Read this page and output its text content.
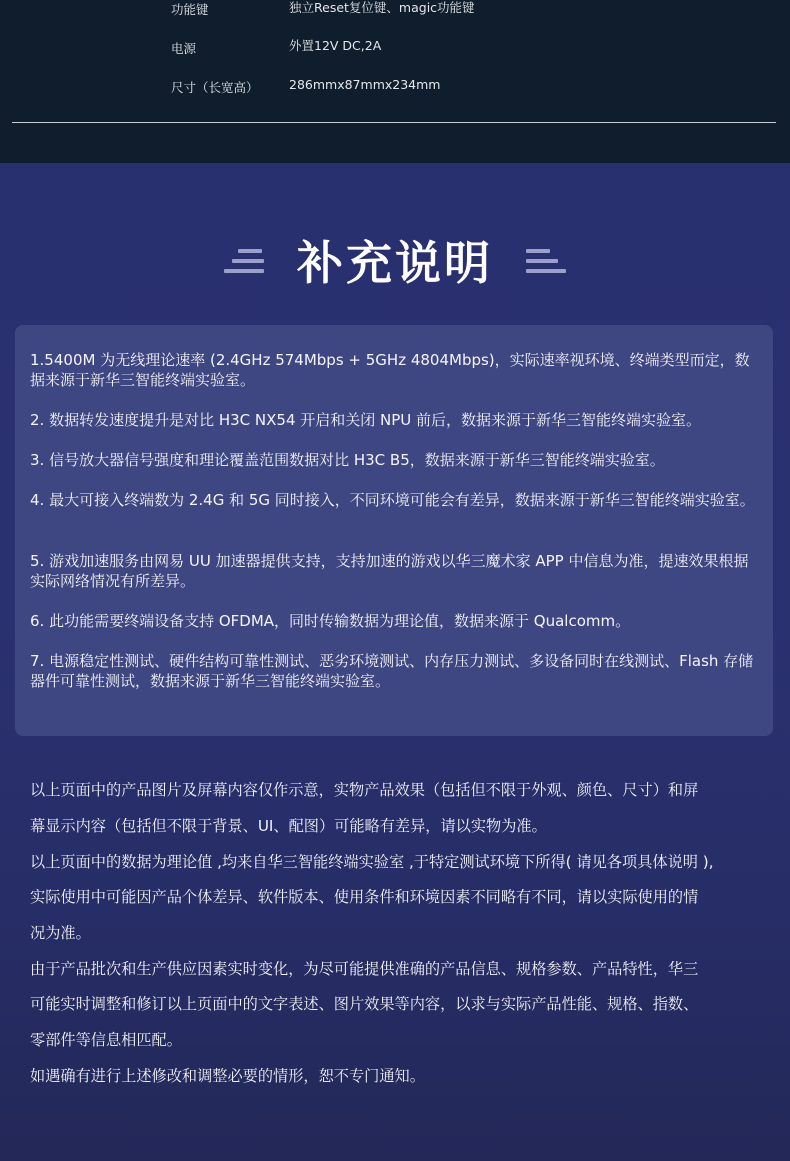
功能键	独立Reset复位键、magic功能键
电源	外置12V DC,2A
尺寸（长宽高） 286mmx87mmx234mm
补充说明
1.5400M 为无线理论速率 (2.4GHz 574Mbps + 5GHz 4804Mbps)，实际速率视环境、终端类型而定，数据来源于新华三智能终端实验室。
2. 数据转发速度提升是对比 H3C NX54 开启和关闭 NPU 前后，数据来源于新华三智能终端实验室。
3. 信号放大器信号强度和理论覆盖范围数据对比 H3C B5，数据来源于新华三智能终端实验室。
4. 最大可接入终端数为 2.4G 和 5G 同时接入，不同环境可能会有差异，数据来源于新华三智能终端实验室。
5. 游戏加速服务由网易 UU 加速器提供支持，支持加速的游戏以华三魔术家 APP 中信息为准，提速效果根据实际网络情况有所差异。
6. 此功能需要终端设备支持 OFDMA，同时传输数据为理论值，数据来源于 Qualcomm。
7. 电源稳定性测试、硬件结构可靠性测试、恶劣环境测试、内存压力测试、多设备同时在线测试、Flash 存储器件可靠性测试，数据来源于新华三智能终端实验室。
以上页面中的产品图片及屏幕内容仅作示意，实物产品效果（包括但不限于外观、颜色、尺寸）和屏
幕显示内容（包括但不限于背景、UI、配图）可能略有差异，请以实物为准。
以上页面中的数据为理论值 ,均来自华三智能终端实验室 ,于特定测试环境下所得( 请见各项具体说明 ),
实际使用中可能因产品个体差异、软件版本、使用条件和环境因素不同略有不同，请以实际使用的情
况为准。
由于产品批次和生产供应因素实时变化，为尽可能提供准确的产品信息、规格参数、产品特性，华三
可能实时调整和修订以上页面中的文字表述、图片效果等内容，以求与实际产品性能、规格、指数、
零部件等信息相匹配。
如遇确有进行上述修改和调整必要的情形，恕不专门通知。
